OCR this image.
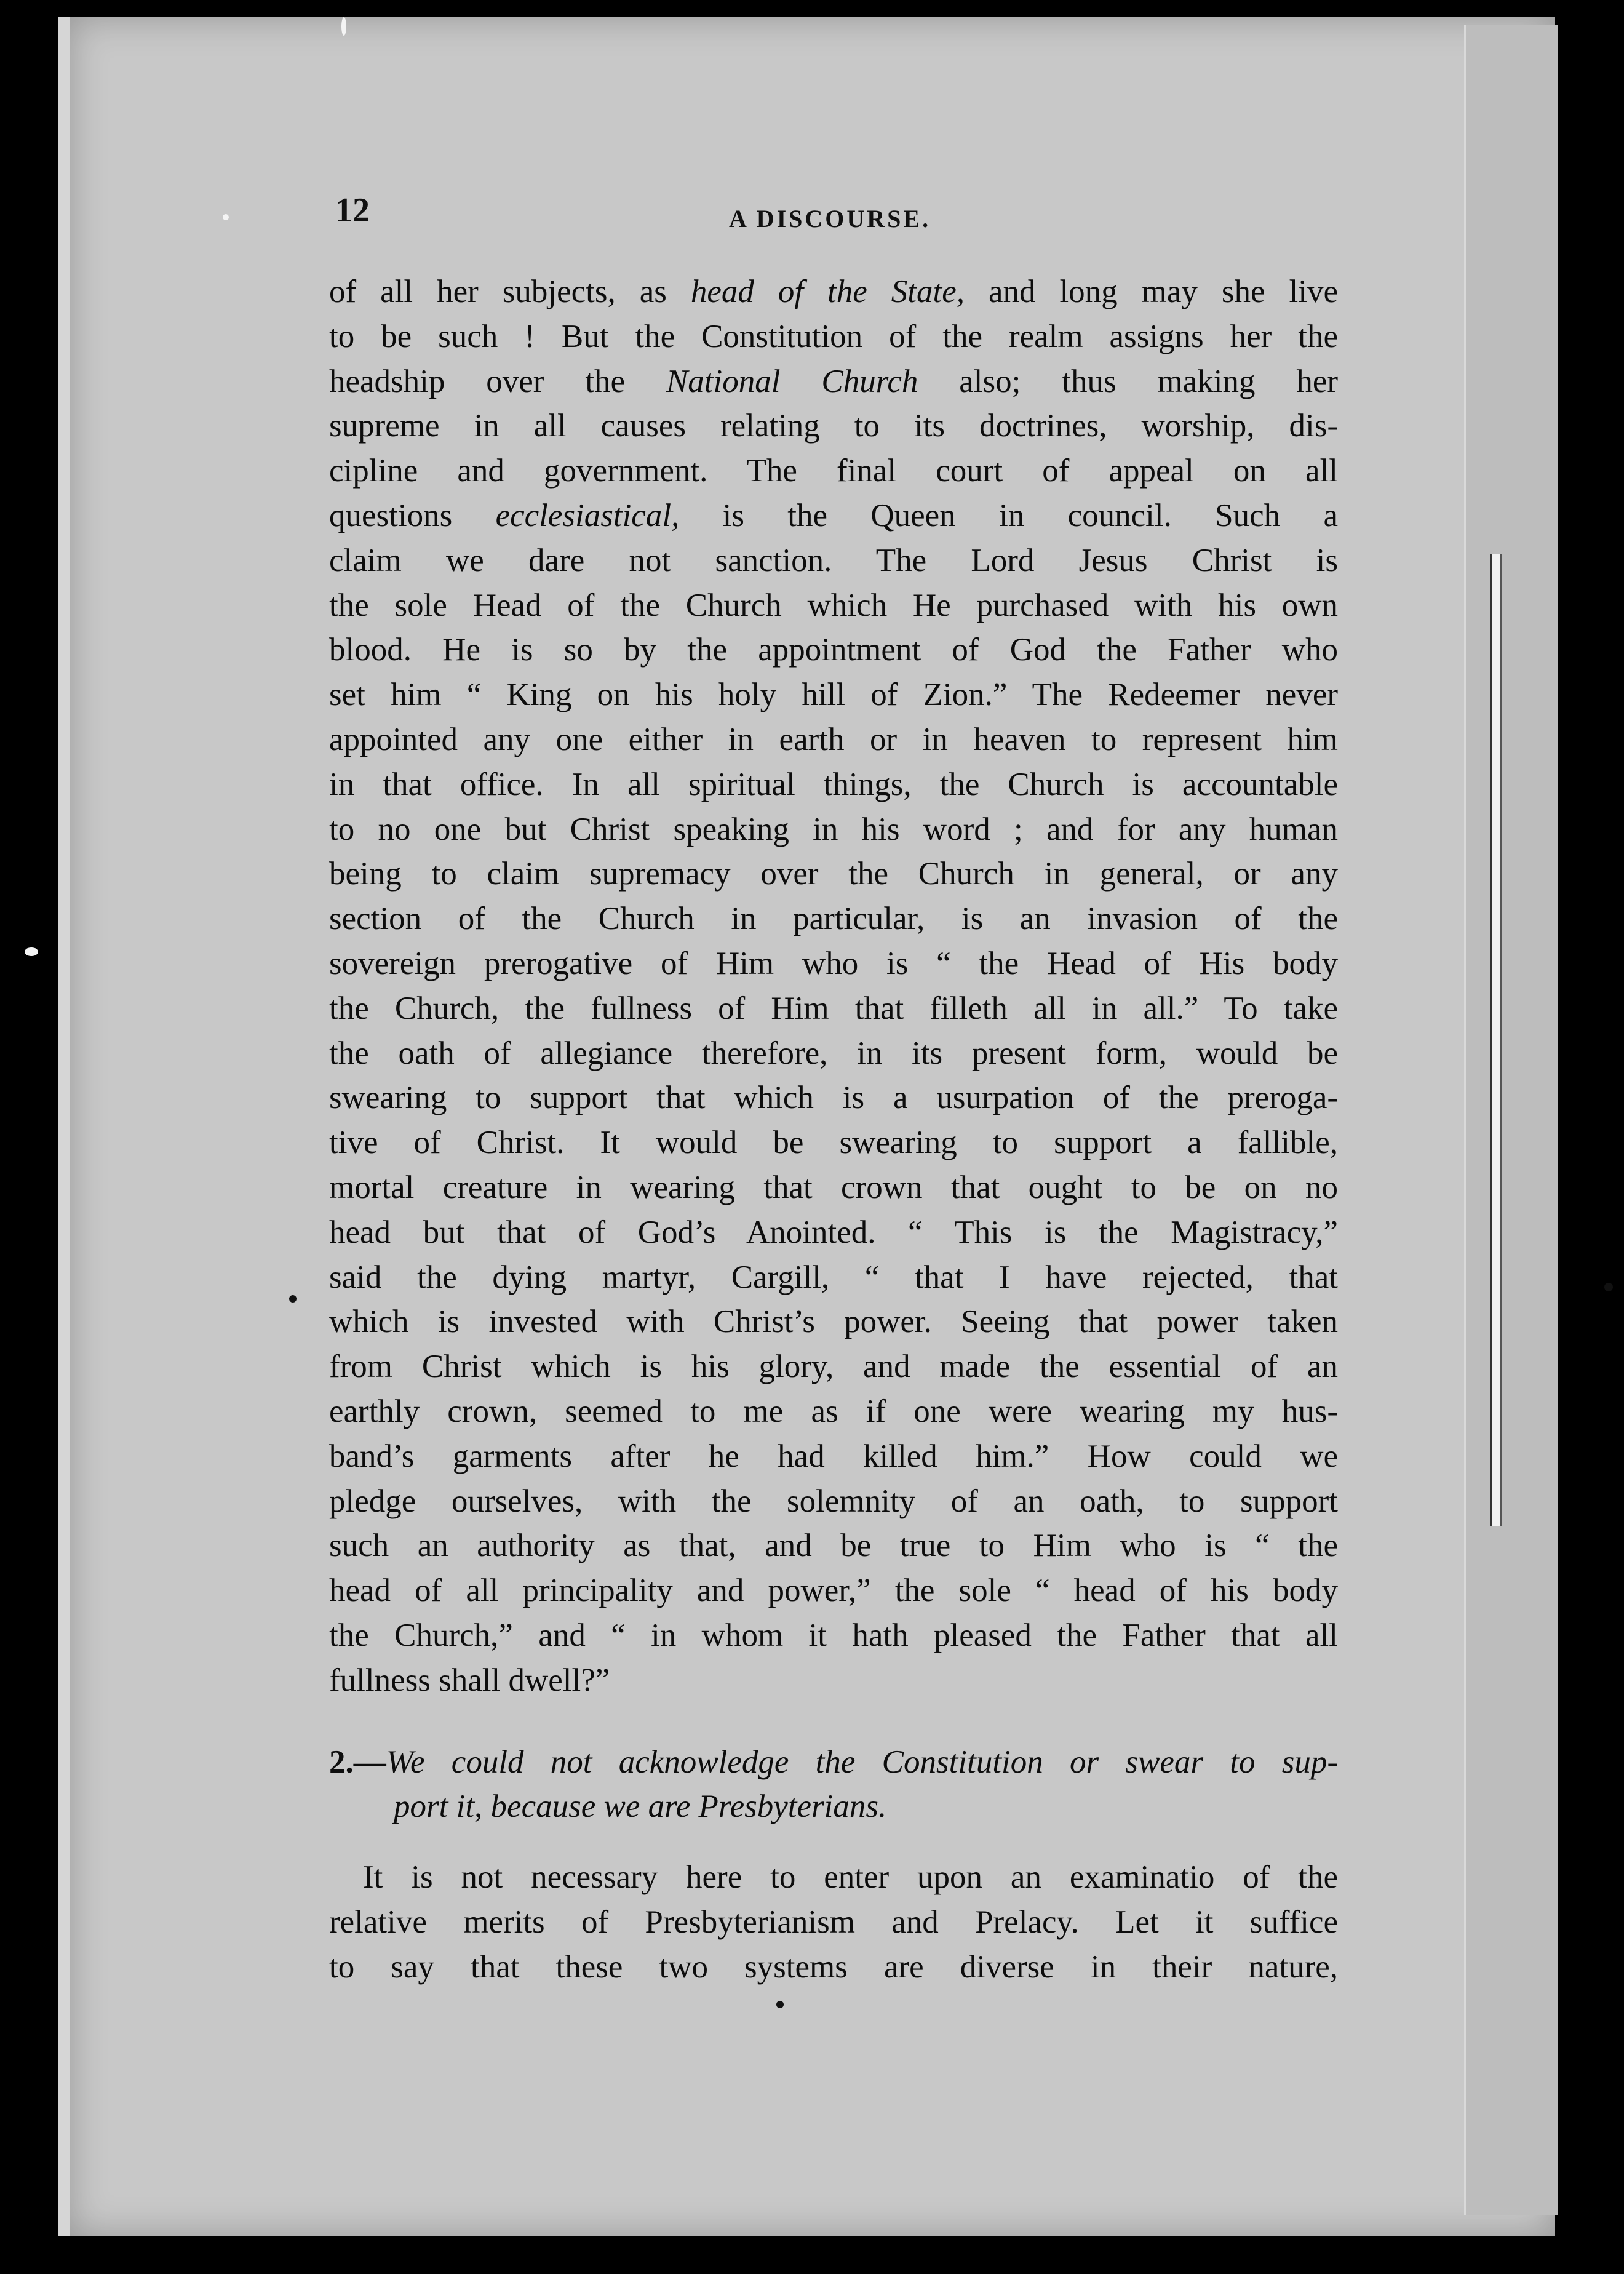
12	A DISCOURSE.
of all her subjects, as head of the State, and long may she live
to be such ! But the Constitution of the realm assigns her the
headship over the National Church also; thus making her
supreme in all causes relating to its doctrines, worship, dis-
cipline and government. The final court of appeal on all
questions ecclesiastical, is the Queen in council. Such a
claim we dare not sanction. The Lord Jesus Christ is
the sole Head of the Church which He purchased with his own
blood. He is so by the appointment of God the Father who
set him “ King on his holy hill of Zion.” The Redeemer never
appointed any one either in earth or in heaven to represent him
in that office. In all spiritual things, the Church is accountable
to no one but Christ speaking in his word ; and for any human
being to claim supremacy over the Church in general, or any
section of the Church in particular, is an invasion of the
sovereign prerogative of Him who is “ the Head of His body
the Church, the fullness of Him that filleth all in all.” To take
the oath of allegiance therefore, in its present form, would be
swearing to support that which is a usurpation of the preroga-
tive of Christ. It would be swearing to support a fallible,
mortal creature in wearing that crown that ought to be on no
head but that of God’s Anointed. “ This is the Magistracy,”
said the dying martyr, Cargill, “ that I have rejected, that
which is invested with Christ’s power. Seeing that power taken
from Christ which is his glory, and made the essential of an
earthly crown, seemed to me as if one were wearing my hus-
band’s garments after he had killed him.” How could we
pledge ourselves, with the solemnity of an oath, to support
such an authority as that, and be true to Him who is “ the
head of all principality and power,” the sole “ head of his body
the Church,” and “ in whom it hath pleased the Father that all
fullness shall dwell?”
2.—We could not acknowledge the Constitution or swear to sup-
port it, because we are Presbyterians.
It is not necessary here to enter upon an examinatio of the
relative merits of Presbyterianism and Prelacy. Let it suffice
to say that these two systems are diverse in their nature,
